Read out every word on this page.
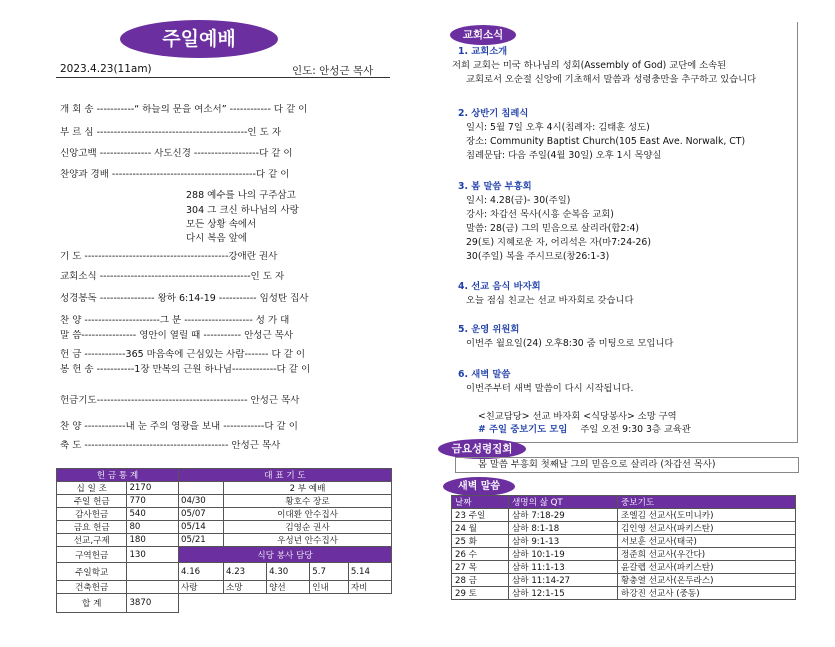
주일예배
2023.4.23(11am)	인도: 안성근 목사
개 회 송 -----------“ 하늘의 문을 여소서” ------------ 다 같 이
부 르 심 --------------------------------------------인 도 자
신앙고백 --------------- 사도신경 -------------------다 같 이
찬양과 경배 ------------------------------------------다 같 이
기 도 ------------------------------------------강애란 권사
교회소식 --------------------------------------------인 도 자
성경봉독 ---------------- 왕하 6:14-19 ----------- 임성탄 집사
찬 양 ----------------------그 분 -------------------- 성 가 대
말 씀---------------- 영안이 열릴 때 ----------- 안성근 목사
헌 금 ------------365 마음속에 근심있는 사람------- 다 같 이
봉 헌 송 -----------1장 만복의 근원 하나님-------------다 같 이
헌금기도-------------------------------------------- 안성근 목사
찬 양 ------------내 눈 주의 영광을 보내 ------------다 같 이
축 도 ------------------------------------------ 안성근 목사
288 예수를 나의 구주삼고
304 그 크신 하나님의 사랑
모든 상황 속에서
다시 복음 앞에
헌 금 통 계		대 표 기 도				
십 일 조	2170		2 부 예배			
주일 헌금	770	04/30	황호수 장로			
감사헌금	540	05/07	이대환 안수집사			
금요 헌금	80	05/14	김영순 권사			
선교,구제	180	05/21	우성년 안수집사			
구역헌금	130	식당 봉사 담당				
주일학교		4.16	4.23	4.30	5.7	5.14
건축헌금		사랑	소망	양선	인내	자비
합 계	3870					
교회소식
1. 교회소개
저희 교회는 미국 하나님의 성회(Assembly of God) 교단에 소속된
교회로서 오순절 신앙에 기초해서 말씀과 성령충만을 추구하고 있습니다
2. 상반기 침례식
일시: 5월 7일 오후 4시(침례자: 김태훈 성도)
장소: Community Baptist Church(105 East Ave. Norwalk, CT)
침례문답: 다음 주일(4월 30일) 오후 1시 목양실
3. 봄 말씀 부흥회
일시: 4.28(금)- 30(주일)
강사: 차갑선 목사(시흥 순복음 교회)
말씀: 28(금) 그의 믿음으로 살리라(합2:4)
29(토) 지혜로운 자, 어리석은 자(마7:24-26)
30(주일) 복을 주시므로(창26:1-3)
4. 선교 음식 바자회
오늘 점심 친교는 선교 바자회로 갖습니다
5. 운영 위원회
이번주 월요일(24) 오후8:30 줌 미팅으로 모입니다
6. 새벽 말씀
이번주부터 새벽 말씀이 다시 시작됩니다.
<친교담당> 선교 바자회 <식당봉사> 소망 구역
# 주일 중보기도 모임 주일 오전 9:30 3층 교육관
금요성령집회
봄 말씀 부흥회 첫째날 그의 믿음으로 살리라 (차갑선 목사)
새벽 말씀
날짜	생명의 삶 QT	중보기도
23 주일	삼하 7:18-29	조엘김 선교사(도미니카)
24 월	삼하 8:1-18	김인영 선교사(파키스탄)
25 화	삼하 9:1-13	서보훈 선교사(태국)
26 수	삼하 10:1-19	정준희 선교사(우간다)
27 목	삼하 11:1-13	윤갈렙 선교사(파키스탄)
28 금	삼하 11:14-27	황충열 선교사(온두라스)
29 토	삼하 12:1-15	하강진 선교사 (중동)
